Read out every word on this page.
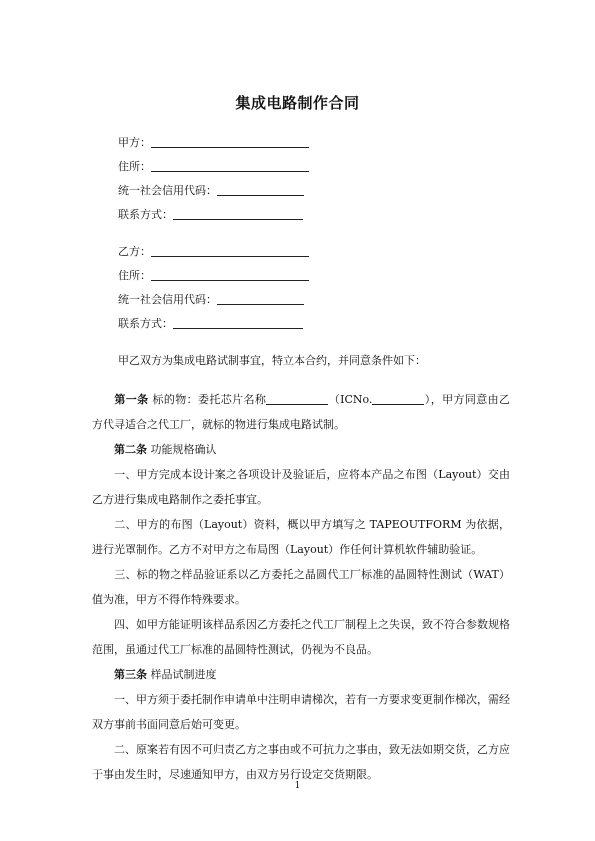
集成电路制作合同
甲方：
住所：
统一社会信用代码：
联系方式：
乙方：
住所：
统一社会信用代码：
联系方式：
甲乙双方为集成电路试制事宜，特立本合约，并同意条件如下：
第一条 标的物：委托芯片名称	（ICNo.	），甲方同意由乙方代寻适合之代工厂，就标的物进行集成电路试制。
第二条 功能规格确认
一、甲方完成本设计案之各项设计及验证后，应将本产品之布图（Layout）交由乙方进行集成电路制作之委托事宜。
二、甲方的布图（Layout）资料，概以甲方填写之 TAPEOUTFORM 为依据，进行光罩制作。乙方不对甲方之布局图（Layout）作任何计算机软件辅助验证。
三、标的物之样品验证系以乙方委托之晶圆代工厂标准的晶圆特性测试（WAT）值为准，甲方不得作特殊要求。
四、如甲方能证明该样品系因乙方委托之代工厂制程上之失误，致不符合参数规格范围，虽通过代工厂标准的晶圆特性测试，仍视为不良品。
第三条 样品试制进度
一、甲方须于委托制作申请单中注明申请梯次，若有一方要求变更制作梯次，需经双方事前书面同意后始可变更。
二、原案若有因不可归责乙方之事由或不可抗力之事由，致无法如期交货，乙方应于事由发生时，尽速通知甲方，由双方另行设定交货期限。
1
